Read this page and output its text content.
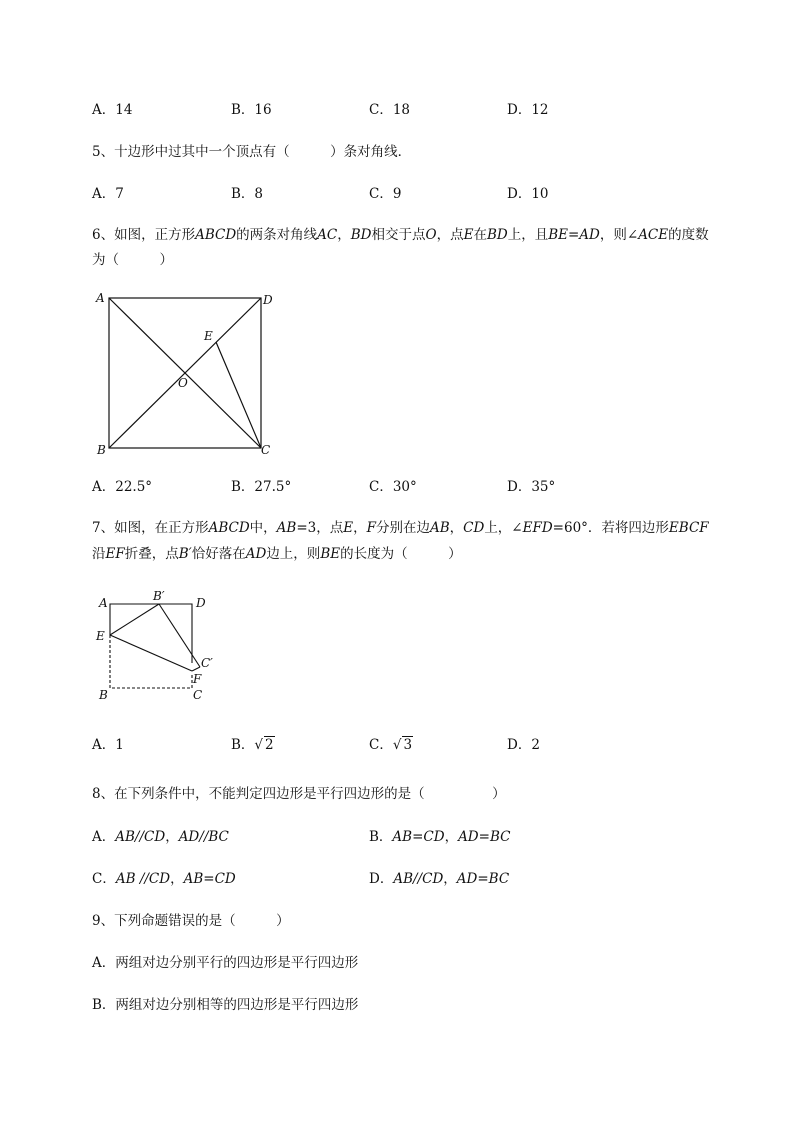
A．14	B．16	C．18	D．12
5、十边形中过其中一个顶点有（　　　）条对角线．
A．7	B．8	C．9	D．10
6、如图，正方形ABCD的两条对角线AC，BD相交于点O，点E在BD上，且BE=AD，则∠ACE的度数
为（　　　）
A	D
E
O
B	C
A．22.5°	B．27.5°	C．30°	D．35°
7、如图，在正方形ABCD中，AB=3，点E，F分别在边AB，CD上，∠EFD=60°．若将四边形EBCF
沿EF折叠，点B′恰好落在AD边上，则BE的长度为（　　　）
A	B′	D
E
C′
F
B	C
A．1	B．√ 2	C．√ 3	D．2
8、在下列条件中，不能判定四边形是平行四边形的是（　　　　　）
A．AB//CD，AD//BC	B．AB=CD，AD=BC
C．AB //CD，AB=CD	D．AB//CD，AD=BC
9、下列命题错误的是（　　　）
A．两组对边分别平行的四边形是平行四边形
B．两组对边分别相等的四边形是平行四边形
